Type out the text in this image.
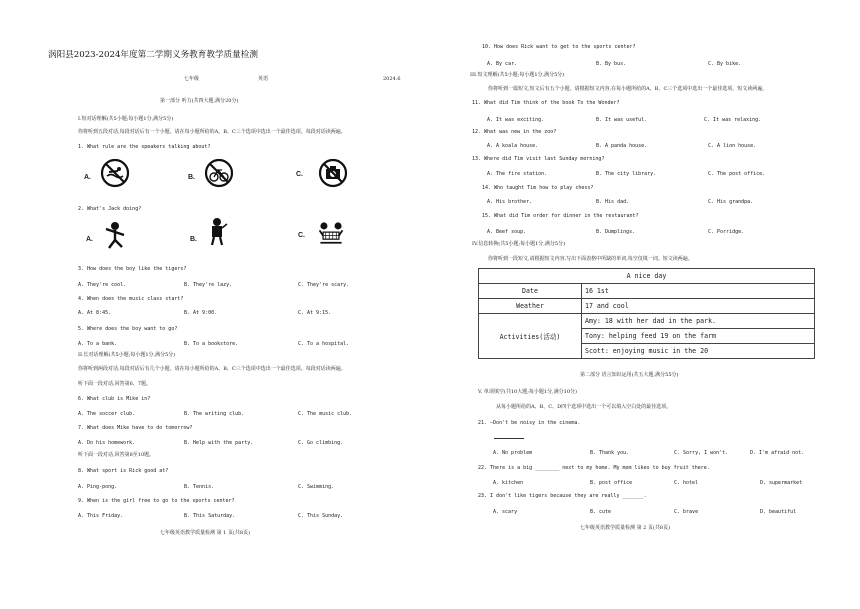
涡阳县2023-2024年度第二学期义务教育教学质量检测
七年级	英语	2024.6
第一部分 听力(共四大题,满分20分)
I.短对话理解(共5小题;每小题1分,满分5分)
你将听到五段对话,每段对话后有一个小题。请在每小题所给的A、B、C三个选项中选出一个最佳选项。每段对话读两遍。
1. What rule are the speakers talking about?
A.	B.	C.
2. What's Jack doing?
A.	B.
C.
3. How does the boy like the tigers?
A. They're cool.	B. They're lazy.	C. They're scary.
4. When does the music class start?
A. At 8:45.	B. At 9:00.	C. At 9:15.
5. Where does the boy want to go?
A. To a bank.	B. To a bookstore.	C. To a hospital.
II.长对话理解(共5小题;每小题1分,满分5分)
你将听到两段对话,每段对话后有几个小题。请在每小题所给的A、B、C三个选项中选出一个最佳选项。每段对话读两遍。
听下面一段对话,回答第6、7题。
6. What club is Mike in?
A. The soccer club.	B. The writing club.	C. The music club.
7. What does Mike have to do tomorrow?
A. Do his homework.	B. Help with the party.	C. Go climbing.
听下面一段对话,回答第8至10题。
8. What sport is Rick good at?
A. Ping-pong.	B. Tennis.	C. Swimming.
9. When is the girl free to go to the sports center?
A. This Friday.	B. This Saturday.	C. This Sunday.
七年级英语教学质量检测 第 1 页(共8页)
10. How does Rick want to get to the sports center?
A. By car.	B. By bus.	C. By bike.
III.短文理解(共5小题;每小题1分,满分5分)
你将听到一篇短文,短文后有五个小题。请根据短文内容,在每小题所给的A、B、C三个选项中选出一个最佳选项。短文读两遍。
11. What did Tim think of the book To the Wonder?
A. It was exciting.	B. It was useful.	C. It was relaxing.
12. What was new in the zoo?
A. A koala house.	B. A panda house.	C. A lion house.
13. Where did Tim visit last Sunday morning?
A. The fire station.	B. The city library.	C. The post office.
14. Who taught Tim how to play chess?
A. His brother.	B. His dad.	C. His grandpa.
15. What did Tim order for dinner in the restaurant?
A. Beef soup.	B. Dumplings.	C. Porridge.
IV.信息转换(共5小题;每小题1分,满分5分)
你将听到一段短文,请根据短文内容,写出下面表格中所缺的单词,每空仅填一词。短文读两遍。
A nice day	
Date	16 1st
Weather	17 and cool
Activities(活动)	Amy: 18 with her dad in the park.
	Tony: helping feed 19 on the farm
	Scott: enjoying music in the 20
第二部分 语言知识运用(共五大题,满分55分)
V. 单项填空(共10大题;每小题1分,满分10分)
从每小题所给的A、B、C、D四个选项中选出一个可以填入空白处的最佳选项。
21. —Don't be noisy in the cinema.
A. No problem	B. Thank you.	C. Sorry, I won't.	D. I'm afraid not.
22. There is a big ________ next to my home. My mom likes to buy fruit there.
A. kitchen	B. post office	C. hotel	D. supermarket
23. I don't like tigers because they are really _______.
A. scary	B. cute	C. brave	D. beautiful
七年级英语教学质量检测 第 2 页(共8页)
